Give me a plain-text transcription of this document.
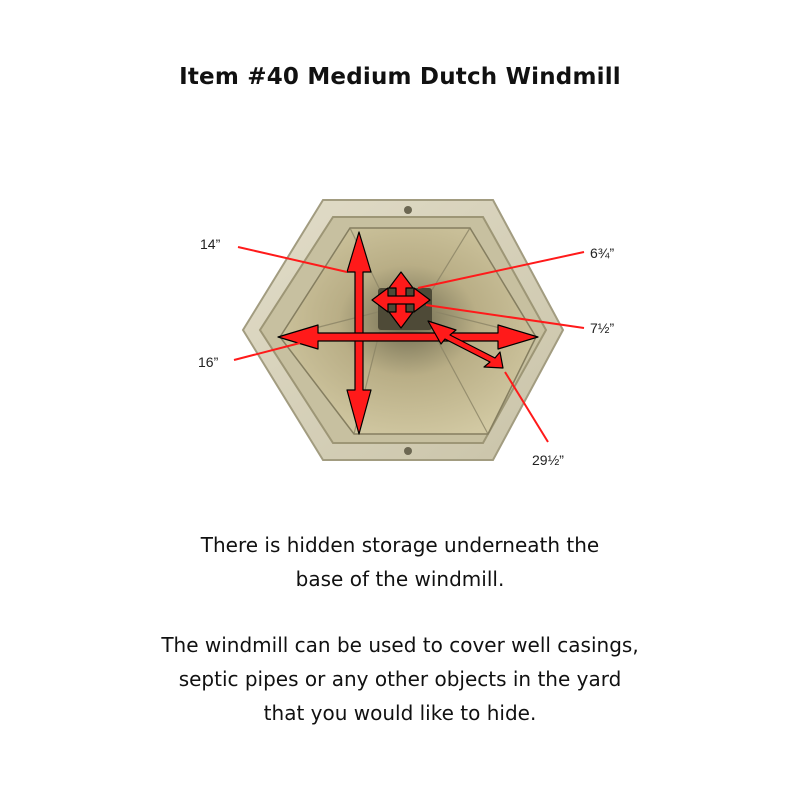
Item #40 Medium Dutch Windmill
14”
16”
6¾”
7½”
29½”
There is hidden storage underneath the
base of the windmill.
The windmill can be used to cover well casings,
septic pipes or any other objects in the yard
that you would like to hide.
